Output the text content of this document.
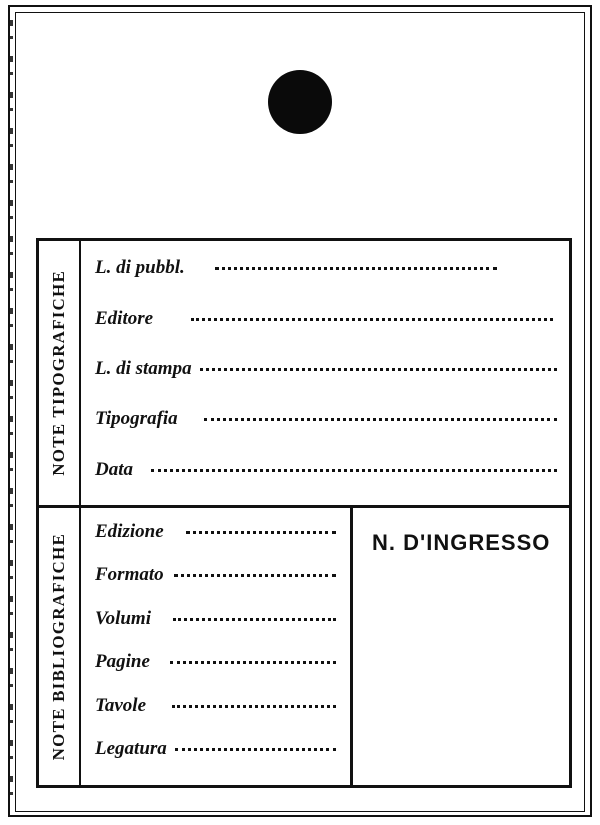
NOTE TIPOGRAFICHE
L. di pubbl.
Editore
L. di stampa
Tipografia
Data
NOTE BIBLIOGRAFICHE
Edizione
Formato
Volumi
Pagine
Tavole
Legatura
N. D'INGRESSO
